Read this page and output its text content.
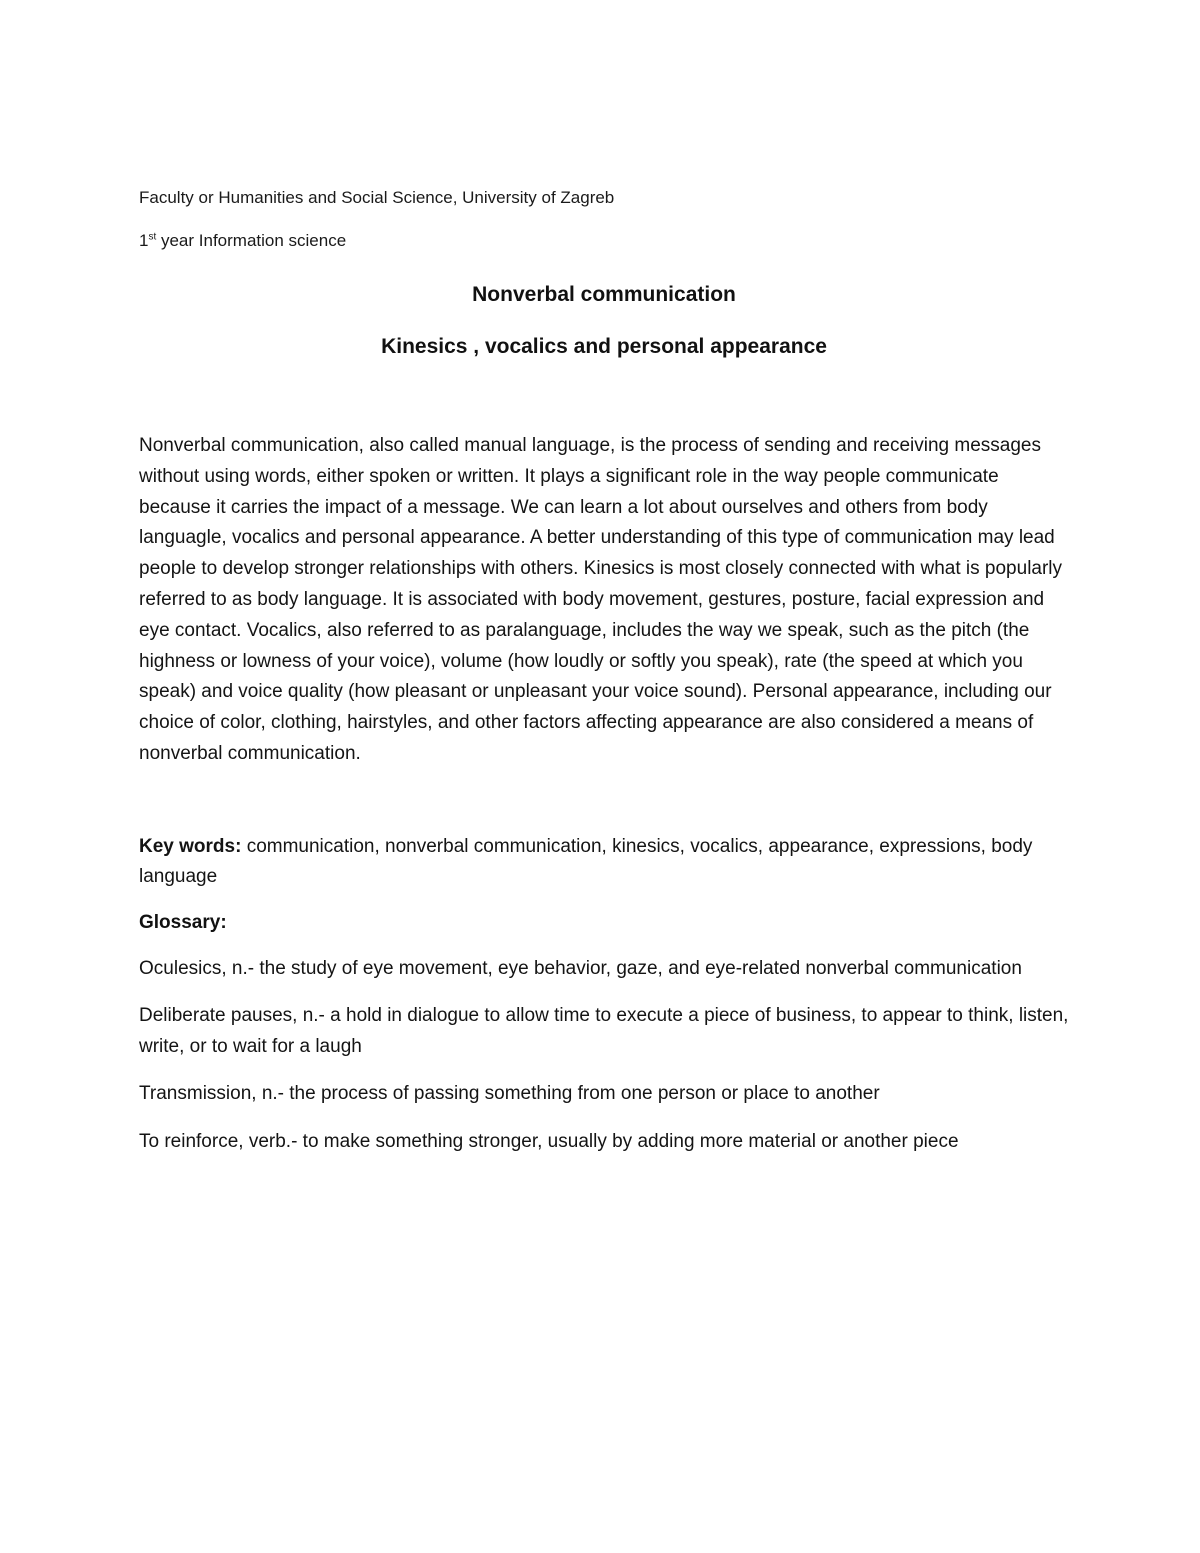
Faculty or Humanities and Social Science, University of Zagreb

1st year Information science

Nonverbal communication
Kinesics , vocalics and personal appearance

Nonverbal communication, also called manual language, is the process of sending and receiving messages without using words, either spoken or written. It plays a significant role in the way people communicate because it carries the impact of a message. We can learn a lot about ourselves and others from body languagle, vocalics and personal appearance. A better understanding of this type of communication may lead people to develop stronger relationships with others. Kinesics is most closely connected with what is popularly referred to as body language. It is associated with body movement, gestures, posture, facial expression and eye contact. Vocalics, also referred to as paralanguage, includes the way we speak, such as the pitch (the highness or lowness of your voice), volume (how loudly or softly you speak), rate (the speed at which you speak) and voice quality (how pleasant or unpleasant your voice sound). Personal appearance, including our choice of color, clothing, hairstyles, and other factors affecting appearance are also considered a means of nonverbal communication.

Key words: communication, nonverbal communication, kinesics, vocalics, appearance, expressions, body language

Glossary:

Oculesics, n.- the study of eye movement, eye behavior, gaze, and eye-related nonverbal communication

Deliberate pauses, n.- a hold in dialogue to allow time to execute a piece of business, to appear to think, listen, write, or to wait for a laugh

Transmission, n.- the process of passing something from one person or place to another

To reinforce, verb.- to make something stronger, usually by adding more material or another piece
